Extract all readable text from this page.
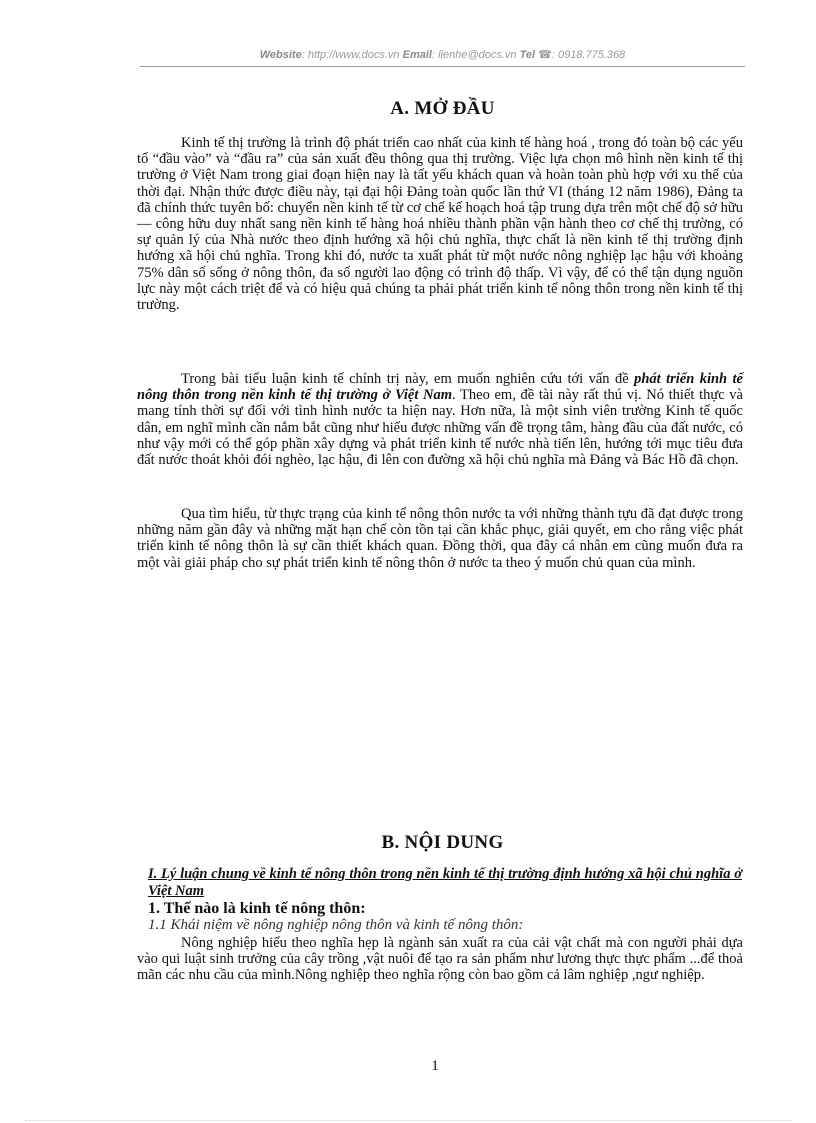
Website: http://www.docs.vn Email: lienhe@docs.vn Tel ☎: 0918.775.368
A. MỞ ĐẦU

Kinh tế thị trường là trình độ phát triển cao nhất của kinh tế hàng hoá , trong đó toàn bộ các yếu tố “đầu vào” và “đầu ra” của sản xuất đều thông qua thị trường. Việc lựa chọn mô hình nền kinh tế thị trường ở Việt Nam trong giai đoạn hiện nay là tất yếu khách quan và hoàn toàn phù hợp với xu thế của thời đại. Nhận thức được điều này, tại đại hội Đảng toàn quốc lần thứ VI (tháng 12 năm 1986), Đảng ta đã chính thức tuyên bố: chuyển nền kinh tế từ cơ chế kế hoạch hoá tập trung dựa trên một chế độ sở hữu — công hữu duy nhất sang nền kinh tế hàng hoá nhiều thành phần vận hành theo cơ chế thị trường, có sự quản lý của Nhà nước theo định hướng xã hội chủ nghĩa, thực chất là nền kinh tế thị trường định hướng xã hội chủ nghĩa. Trong khi đó, nước ta xuất phát từ một nước nông nghiệp lạc hậu với khoảng 75% dân số sống ở nông thôn, đa số người lao động có trình độ thấp. Vì vậy, để có thể tận dụng nguồn lực này một cách triệt để và có hiệu quả chúng ta phải phát triển kinh tế nông thôn trong nền kinh tế thị trường.

Trong bài tiểu luận kinh tế chính trị này, em muốn nghiên cứu tới vấn đề phát triển kinh tế nông thôn trong nền kinh tế thị trường ở Việt Nam. Theo em, đề tài này rất thú vị. Nó thiết thực và mang tính thời sự đối với tình hình nước ta hiện nay. Hơn nữa, là một sinh viên trường Kinh tế quốc dân, em nghĩ mình cần nắm bắt cũng như hiểu được những vấn đề trọng tâm, hàng đầu của đất nước, có như vậy mới có thể góp phần xây dựng và phát triển kinh tế nước nhà tiến lên, hướng tới mục tiêu đưa đất nước thoát khỏi đói nghèo, lạc hậu, đi lên con đường xã hội chủ nghĩa mà Đảng và Bác Hồ đã chọn.

Qua tìm hiểu, từ thực trạng của kinh tế nông thôn nước ta với những thành tựu đã đạt được trong những năm gần đây và những mặt hạn chế còn tồn tại cần khắc phục, giải quyết, em cho rằng việc phát triển kinh tế nông thôn là sự cần thiết khách quan. Đồng thời, qua đây cá nhân em cũng muốn đưa ra một vài giải pháp cho sự phát triển kinh tế nông thôn ở nước ta theo ý muốn chủ quan của mình.

B. NỘI DUNG

I. Lý luận chung về kinh tế nông thôn trong nền kinh tế thị trường định hướng xã hội chủ nghĩa ở Việt Nam

1. Thế nào là kinh tế nông thôn:

1.1 Khái niệm về nông nghiệp nông thôn và kinh tế nông thôn:

Nông nghiệp hiểu theo nghĩa hẹp là ngành sản xuất ra của cải vật chất mà con người phải dựa vào qui luật sinh trưởng của cây trồng ,vật nuôi để tạo ra sản phẩm như lương thực thực phẩm ...để thoả mãn các nhu cầu của mình.Nông nghiệp theo nghĩa rộng còn bao gồm cả lâm nghiệp ,ngư nghiệp.

1
